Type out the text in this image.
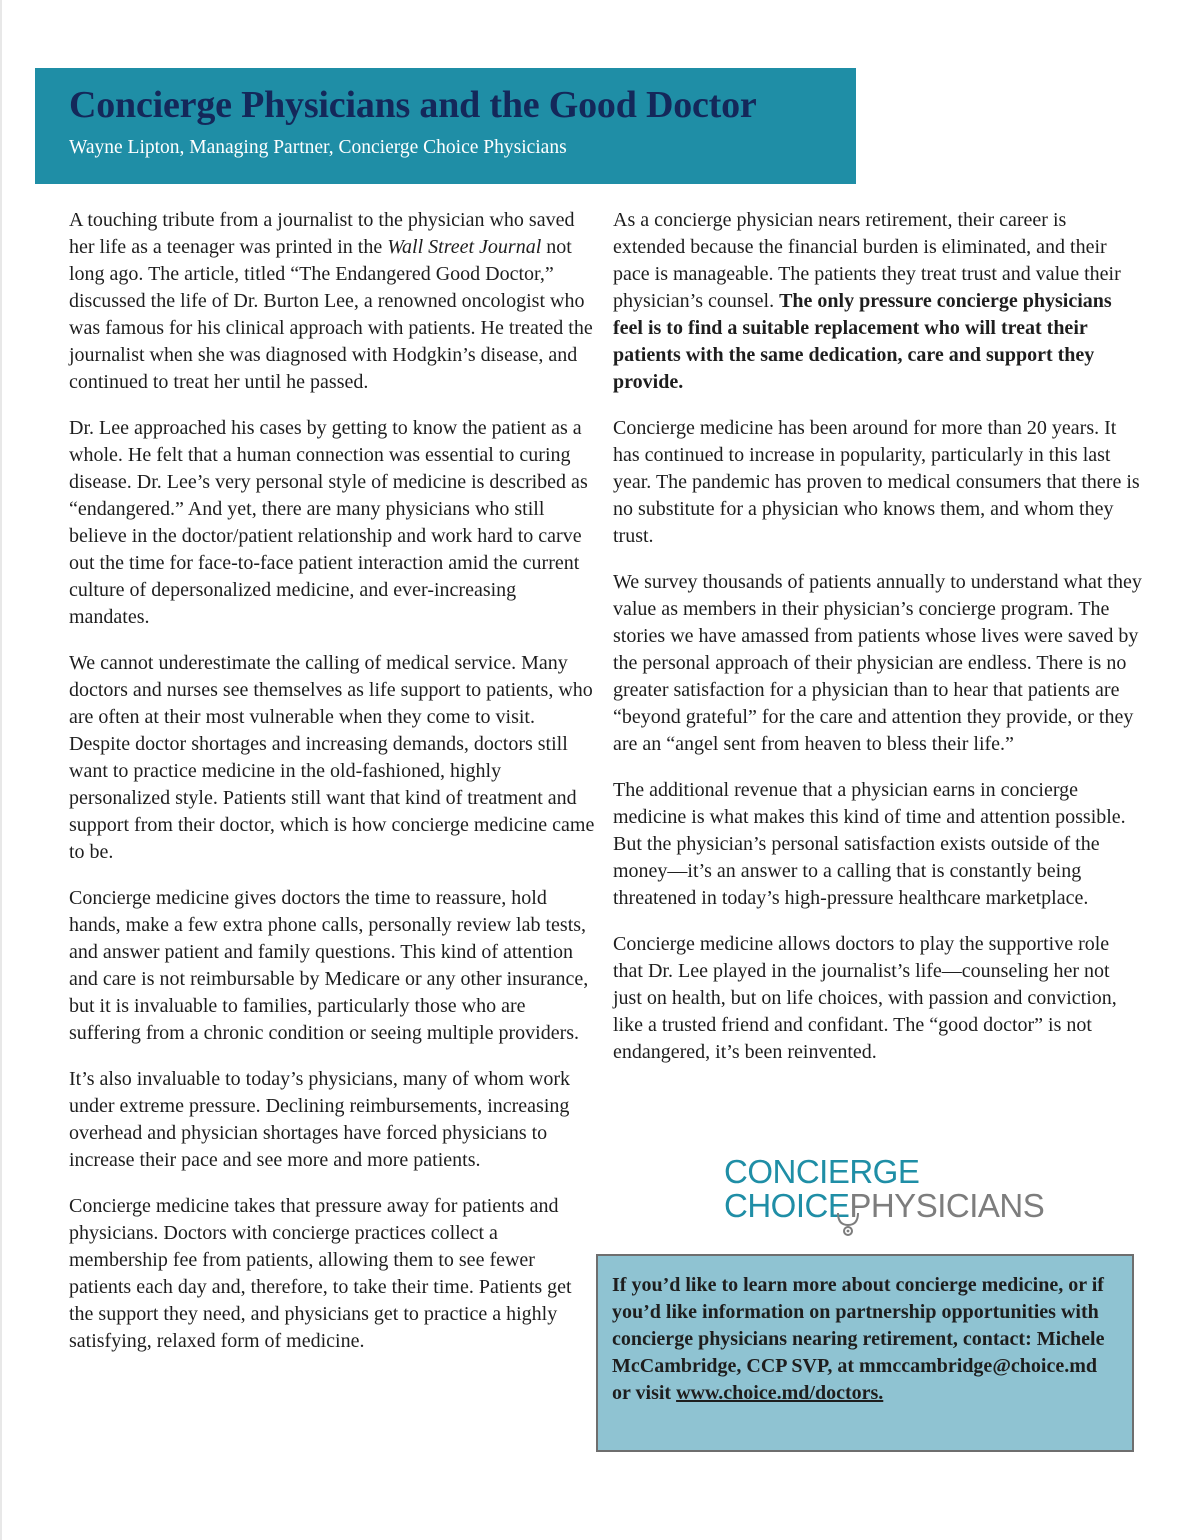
Concierge Physicians and the Good Doctor
Wayne Lipton, Managing Partner, Concierge Choice Physicians

A touching tribute from a journalist to the physician who saved her life as a teenager was printed in the Wall Street Journal not long ago. The article, titled “The Endangered Good Doctor,” discussed the life of Dr. Burton Lee, a renowned oncologist who was famous for his clinical approach with patients. He treated the journalist when she was diagnosed with Hodgkin’s disease, and continued to treat her until he passed.

Dr. Lee approached his cases by getting to know the patient as a whole. He felt that a human connection was essential to curing disease. Dr. Lee’s very personal style of medicine is described as “endangered.” And yet, there are many physicians who still believe in the doctor/patient relationship and work hard to carve out the time for face-to-face patient interaction amid the current culture of depersonalized medicine, and ever-increasing mandates.

We cannot underestimate the calling of medical service. Many doctors and nurses see themselves as life support to patients, who are often at their most vulnerable when they come to visit. Despite doctor shortages and increasing demands, doctors still want to practice medicine in the old-fashioned, highly personalized style. Patients still want that kind of treatment and support from their doctor, which is how concierge medicine came to be.

Concierge medicine gives doctors the time to reassure, hold hands, make a few extra phone calls, personally review lab tests, and answer patient and family questions. This kind of attention and care is not reimbursable by Medicare or any other insurance, but it is invaluable to families, particularly those who are suffering from a chronic condition or seeing multiple providers.

It’s also invaluable to today’s physicians, many of whom work under extreme pressure. Declining reimbursements, increasing overhead and physician shortages have forced physicians to increase their pace and see more and more patients.

Concierge medicine takes that pressure away for patients and physicians. Doctors with concierge practices collect a membership fee from patients, allowing them to see fewer patients each day and, therefore, to take their time. Patients get the support they need, and physicians get to practice a highly satisfying, relaxed form of medicine.

As a concierge physician nears retirement, their career is extended because the financial burden is eliminated, and their pace is manageable. The patients they treat trust and value their physician’s counsel. The only pressure concierge physicians feel is to find a suitable replacement who will treat their patients with the same dedication, care and support they provide.

Concierge medicine has been around for more than 20 years. It has continued to increase in popularity, particularly in this last year. The pandemic has proven to medical consumers that there is no substitute for a physician who knows them, and whom they trust.

We survey thousands of patients annually to understand what they value as members in their physician’s concierge program. The stories we have amassed from patients whose lives were saved by the personal approach of their physician are endless. There is no greater satisfaction for a physician than to hear that patients are “beyond grateful” for the care and attention they provide, or they are an “angel sent from heaven to bless their life.”

The additional revenue that a physician earns in concierge medicine is what makes this kind of time and attention possible. But the physician’s personal satisfaction exists outside of the money—it’s an answer to a calling that is constantly being threatened in today’s high-pressure healthcare marketplace.

Concierge medicine allows doctors to play the supportive role that Dr. Lee played in the journalist’s life—counseling her not just on health, but on life choices, with passion and conviction, like a trusted friend and confidant. The “good doctor” is not endangered, it’s been reinvented.

CONCIERGE
CHOICEPHYSICIANS

If you’d like to learn more about concierge medicine, or if you’d like information on partnership opportunities with concierge physicians nearing retirement, contact: Michele McCambridge, CCP SVP, at mmccambridge@choice.md or visit www.choice.md/doctors.
